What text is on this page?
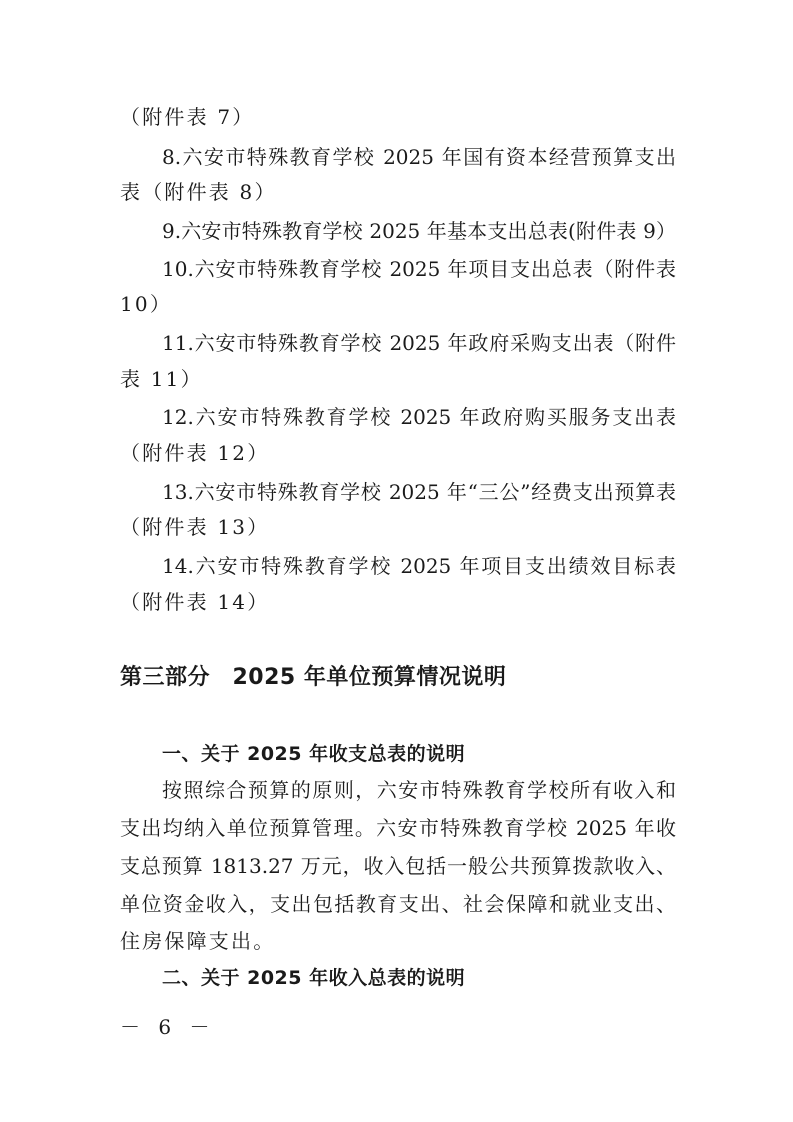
（附件表 7）
8.六安市特殊教育学校 2025 年国有资本经营预算支出
表（附件表 8）
9.六安市特殊教育学校 2025 年基本支出总表(附件表 9）
10.六安市特殊教育学校 2025 年项目支出总表（附件表
10）
11.六安市特殊教育学校 2025 年政府采购支出表（附件
表 11）
12.六安市特殊教育学校 2025 年政府购买服务支出表
（附件表 12）
13.六安市特殊教育学校 2025 年“三公”经费支出预算表
（附件表 13）
14.六安市特殊教育学校 2025 年项目支出绩效目标表
（附件表 14）
第三部分　2025 年单位预算情况说明
一、关于 2025 年收支总表的说明
按照综合预算的原则，六安市特殊教育学校所有收入和
支出均纳入单位预算管理。六安市特殊教育学校 2025 年收
支总预算 1813.27 万元，收入包括一般公共预算拨款收入、
单位资金收入，支出包括教育支出、社会保障和就业支出、
住房保障支出。
二、关于 2025 年收入总表的说明
－ 6 －
